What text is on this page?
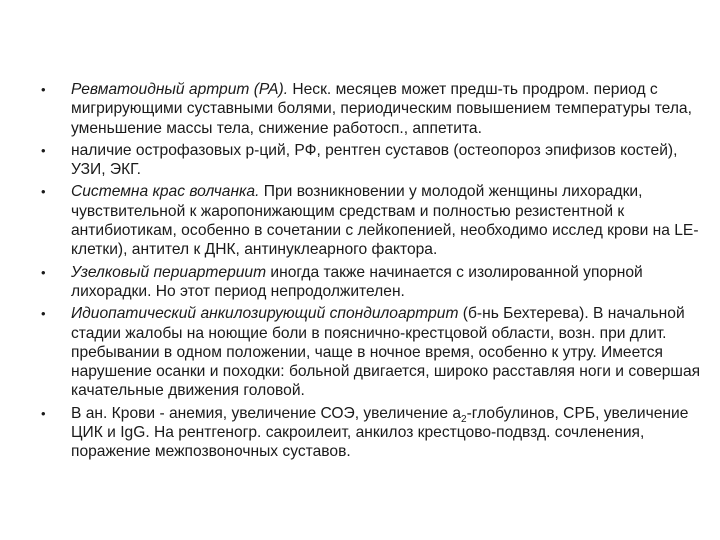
• Ревматоидный артрит (РА). Неск. месяцев может предш-ть продром. период с мигрирующими суставными болями, периодическим повышением температуры тела, уменьшение массы тела, снижение работосп., аппетита.
• наличие острофазовых р-ций, РФ, рентген суставов (остеопороз эпифизов костей), УЗИ, ЭКГ.
• Системна крас волчанка. При возникновении у молодой женщины лихорадки, чувствительной к жаропонижающим средствам и полностью резистентной к антибиотикам, особенно в сочетании с лейкопенией, необходимо исслед крови на LE-клетки), антител к ДНК, антинуклеарного фактора.
• Узелковый периартериит иногда также начинается с изолированной упорной лихорадки. Но этот период непродолжителен.
• Идиопатический анкилозирующий спондилоартрит (б-нь Бехтерева). В начальной стадии жалобы на ноющие боли в пояснично-крестцовой области, возн. при длит. пребывании в одном положении, чаще в ночное время, особенно к утру. Имеется нарушение осанки и походки: больной двигается, широко расставляя ноги и совершая качательные движения головой.
• В ан. Крови - анемия, увеличение СОЭ, увеличение $а_2$-глобулинов, СРБ, увеличение ЦИК и IgG. На рентгеногр. сакроилеит, анкилоз крестцово-подвзд. сочленения, поражение межпозвоночных суставов.
